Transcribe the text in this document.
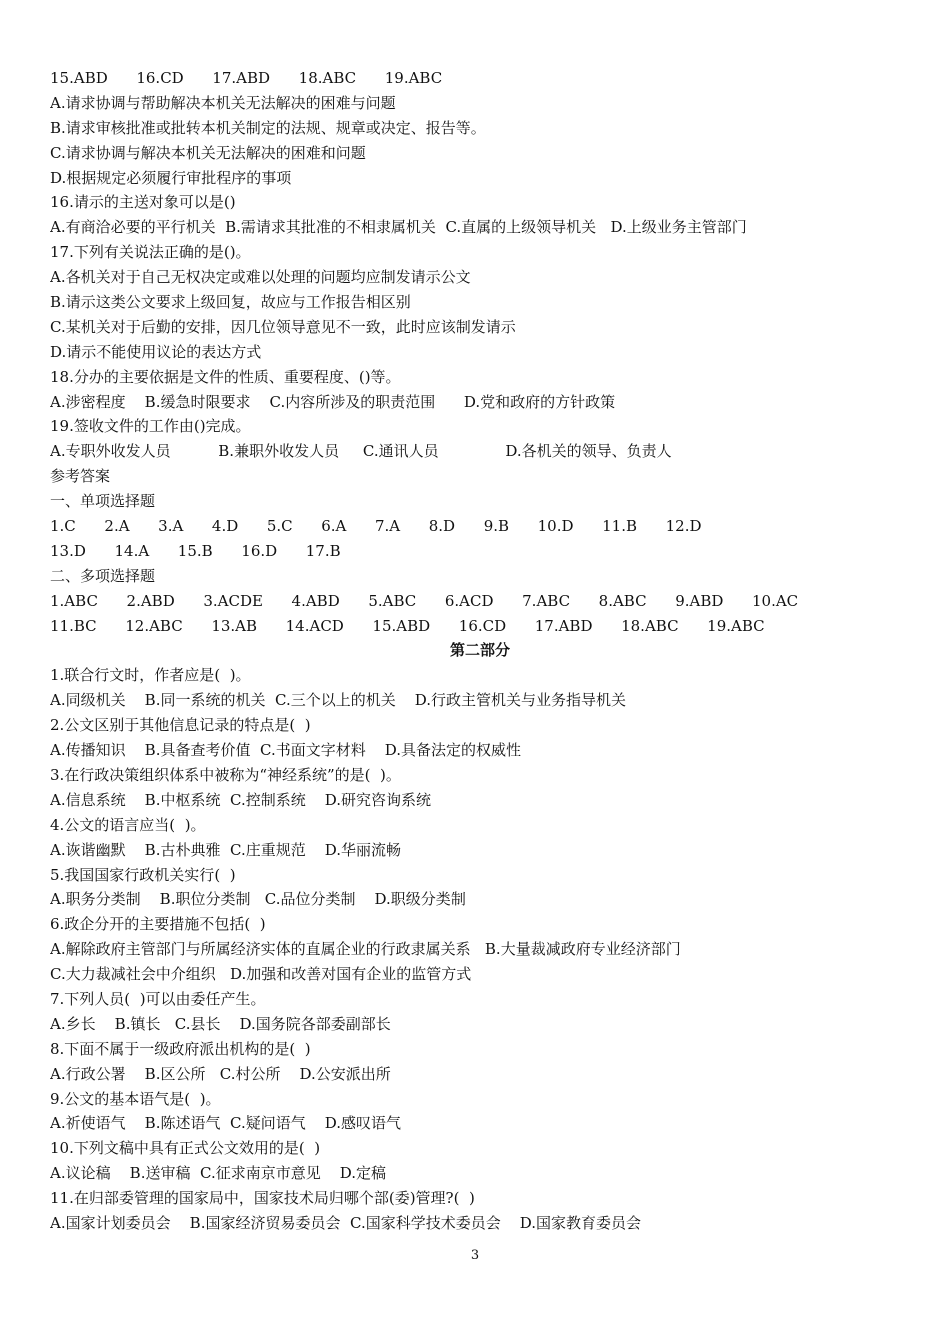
15.ABD      16.CD      17.ABD      18.ABC      19.ABC
A.请求协调与帮助解决本机关无法解决的困难与问题
B.请求审核批准或批转本机关制定的法规、规章或决定、报告等。
C.请求协调与解决本机关无法解决的困难和问题
D.根据规定必须履行审批程序的事项
16.请示的主送对象可以是()
A.有商洽必要的平行机关  B.需请求其批准的不相隶属机关  C.直属的上级领导机关   D.上级业务主管部门
17.下列有关说法正确的是()。
A.各机关对于自己无权决定或难以处理的问题均应制发请示公文
B.请示这类公文要求上级回复，故应与工作报告相区别
C.某机关对于后勤的安排，因几位领导意见不一致，此时应该制发请示
D.请示不能使用议论的表达方式
18.分办的主要依据是文件的性质、重要程度、()等。
A.涉密程度    B.缓急时限要求    C.内容所涉及的职责范围      D.党和政府的方针政策
19.签收文件的工作由()完成。
A.专职外收发人员          B.兼职外收发人员     C.通讯人员              D.各机关的领导、负责人
参考答案
一、单项选择题
1.C      2.A      3.A      4.D      5.C      6.A      7.A      8.D      9.B      10.D      11.B      12.D
13.D      14.A      15.B      16.D      17.B
二、多项选择题
1.ABC      2.ABD      3.ACDE      4.ABD      5.ABC      6.ACD      7.ABC      8.ABC      9.ABD      10.AC
11.BC      12.ABC      13.AB      14.ACD      15.ABD      16.CD      17.ABD      18.ABC      19.ABC
第二部分
1.联合行文时，作者应是(  )。
A.同级机关    B.同一系统的机关  C.三个以上的机关    D.行政主管机关与业务指导机关
2.公文区别于其他信息记录的特点是(  )
A.传播知识    B.具备查考价值  C.书面文字材料    D.具备法定的权威性
3.在行政决策组织体系中被称为“神经系统”的是(  )。
A.信息系统    B.中枢系统  C.控制系统    D.研究咨询系统
4.公文的语言应当(  )。
A.诙谐幽默    B.古朴典雅  C.庄重规范    D.华丽流畅
5.我国国家行政机关实行(  )
A.职务分类制    B.职位分类制   C.品位分类制    D.职级分类制
6.政企分开的主要措施不包括(  )
A.解除政府主管部门与所属经济实体的直属企业的行政隶属关系   B.大量裁减政府专业经济部门
C.大力裁减社会中介组织   D.加强和改善对国有企业的监管方式
7.下列人员(  )可以由委任产生。
A.乡长    B.镇长   C.县长    D.国务院各部委副部长
8.下面不属于一级政府派出机构的是(  )
A.行政公署    B.区公所   C.村公所    D.公安派出所
9.公文的基本语气是(  )。
A.祈使语气    B.陈述语气  C.疑问语气    D.感叹语气
10.下列文稿中具有正式公文效用的是(  )
A.议论稿    B.送审稿  C.征求南京市意见    D.定稿
11.在归部委管理的国家局中，国家技术局归哪个部(委)管理?(  )
A.国家计划委员会    B.国家经济贸易委员会  C.国家科学技术委员会    D.国家教育委员会
3
